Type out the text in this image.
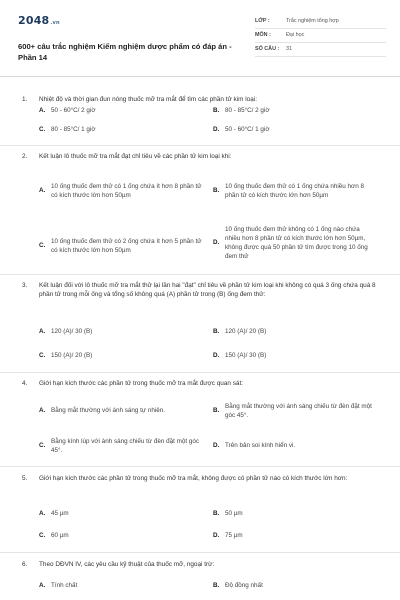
2048.vn
600+ câu trắc nghiệm Kiểm nghiệm dược phẩm có đáp án - Phần 14
LỚP :	Trắc nghiệm tổng hợp
MÔN :	Đại học
SỐ CÂU :	31
1.	Nhiệt độ và thời gian đun nóng thuốc mỡ tra mắt để tìm các phần tử kim loại:
A. 50 - 60°C/ 2 giờ	B. 80 - 85°C/ 2 giờ
C. 80 - 85°C/ 1 giờ	D. 50 - 60°C/ 1 giờ
2.	Kết luận lô thuốc mỡ tra mắt đạt chỉ tiêu về các phần tử kim loại khi:
A.
10 ống thuốc đem thử có 1 ống chứa ít hơn 8 phần tử có kích thước lớn hơn 50µm
B.
10 ống thuốc đem thử có 1 ống chứa nhiều hơn 8 phần tử có kích thước lớn hơn 50µm
C.
10 ống thuốc đem thử có 2 ống chứa ít hơn 5 phần tử có kích thước lớn hơn 50µm
D.
10 ống thuốc đem thử không có 1 ống nào chứa nhiều hơn 8 phần tử có kích thước lớn hơn 50µm, không được quá 50 phần tử tìm được trong 10 ống đem thử
3.	Kết luận đối với lô thuốc mỡ tra mắt thử lại lần hai "đạt" chỉ tiêu về phần tử kim loại khi không có quá 3 ống chứa quá 8 phần tử trong mỗi ống và tổng số không quá (A) phần tử trong (B) ống đem thử:
A. 120 (A)/ 30 (B)	B. 120 (A)/ 20 (B)
C. 150 (A)/ 20 (B)	D. 150 (A)/ 30 (B)
4.	Giới hạn kích thước các phần tử trong thuốc mỡ tra mắt được quan sát:
A. Bằng mắt thường với ánh sáng tự nhiên.	B.
Bằng mắt thường với ánh sáng chiếu từ đèn đặt một góc 45°.
C.
Bằng kính lúp với ánh sáng chiếu từ đèn đặt một góc 45°.
D. Trên bản soi kính hiển vi.
5.	Giới hạn kích thước các phần tử trong thuốc mỡ tra mắt, không được có phần tử nào có kích thước lớn hơn:
A. 45 µm	B. 50 µm
C. 60 µm	D. 75 µm
6.	Theo DĐVN IV, các yêu cầu kỹ thuật của thuốc mỡ, ngoại trừ:
A. Tính chất	B. Độ đồng nhất
